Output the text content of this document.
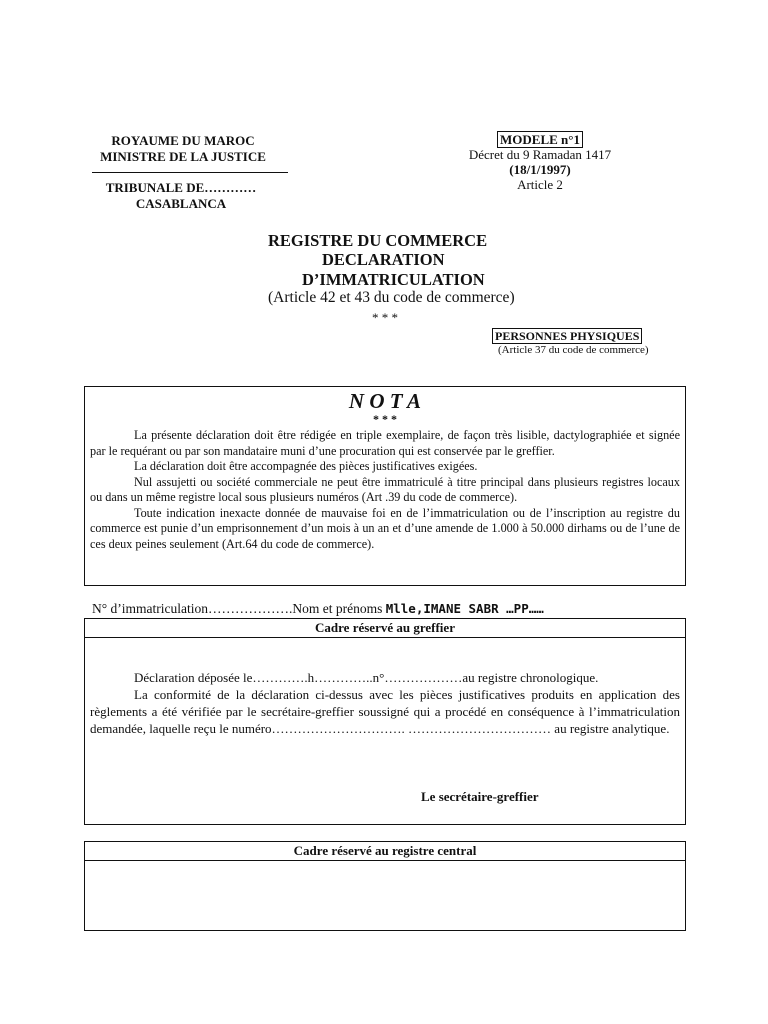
ROYAUME DU MAROC
MINISTRE DE LA JUSTICE
TRIBUNALE DE…………
CASABLANCA
MODELE n°1
Décret du 9 Ramadan 1417
(18/1/1997)
Article 2
REGISTRE DU COMMERCE
DECLARATION
D’IMMATRICULATION
(Article 42 et 43 du code de commerce)
* * *
PERSONNES PHYSIQUES
(Article 37 du code de commerce)
N O T A
* * *
La présente déclaration doit être rédigée en triple exemplaire, de façon très lisible, dactylographiée et signée par le requérant ou par son mandataire muni d’une procuration qui est conservée par le greffier.
La déclaration doit être accompagnée des pièces justificatives exigées.
Nul assujetti ou société commerciale ne peut être immatriculé à titre principal dans plusieurs registres locaux ou dans un même registre local sous plusieurs numéros (Art .39 du code de commerce).
Toute indication inexacte donnée de mauvaise foi en de l’immatriculation ou de l’inscription au registre du commerce est punie d’un emprisonnement d’un mois à un an et d’une amende de 1.000 à 50.000 dirhams ou de l’une de ces deux peines seulement (Art.64 du code de commerce).
N° d’immatriculation……………….Nom et prénoms Mlle,IMANE SABR …PP……
Cadre réservé au greffier
Déclaration déposée le………….h…………..n°………………au registre chronologique.
La conformité de la déclaration ci-dessus avec les pièces justificatives produits en application des règlements a été vérifiée par le secrétaire-greffier soussigné qui a procédé en conséquence à l’immatriculation demandée, laquelle reçu le numéro…………………………. …………………………… au registre analytique.
Le secrétaire-greffier
Cadre réservé au registre central
